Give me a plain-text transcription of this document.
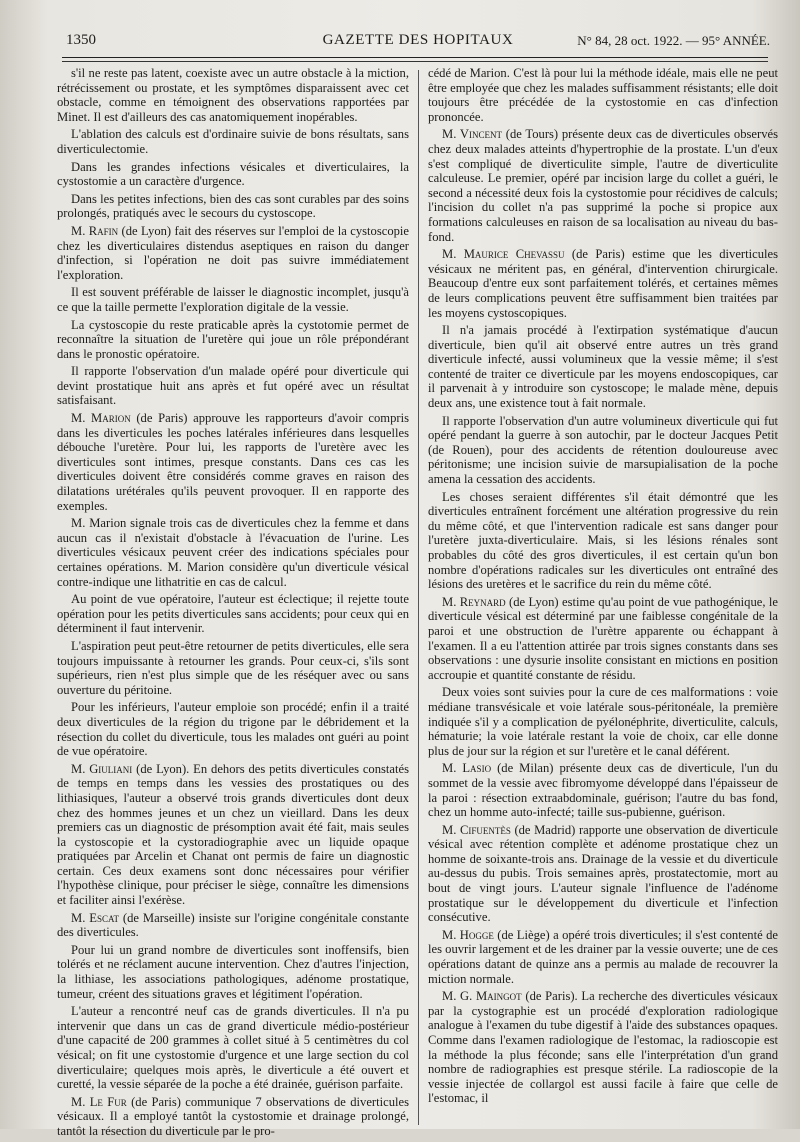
1350	GAZETTE DES HOPITAUX	N° 84, 28 oct. 1922. — 95° ANNÉE.

s'il ne reste pas latent, coexiste avec un autre obstacle à la miction, rétrécissement ou prostate, et les symptômes disparaissent avec cet obstacle, comme en témoignent des observations rapportées par Minet. Il est d'ailleurs des cas anatomiquement inopérables.

L'ablation des calculs est d'ordinaire suivie de bons résultats, sans diverticulectomie.

Dans les grandes infections vésicales et diverticulaires, la cystostomie a un caractère d'urgence.

Dans les petites infections, bien des cas sont curables par des soins prolongés, pratiqués avec le secours du cystoscope.

M. Rafin (de Lyon) fait des réserves sur l'emploi de la cystoscopie chez les diverticulaires distendus aseptiques en raison du danger d'infection, si l'opération ne doit pas suivre immédiatement l'exploration.

Il est souvent préférable de laisser le diagnostic incomplet, jusqu'à ce que la taille permette l'exploration digitale de la vessie.

La cystoscopie du reste praticable après la cystotomie permet de reconnaître la situation de l'uretère qui joue un rôle prépondérant dans le pronostic opératoire.

Il rapporte l'observation d'un malade opéré pour diverticule qui devint prostatique huit ans après et fut opéré avec un résultat satisfaisant.

M. Marion (de Paris) approuve les rapporteurs d'avoir compris dans les diverticules les poches latérales inférieures dans lesquelles débouche l'uretère. Pour lui, les rapports de l'uretère avec les diverticules sont intimes, presque constants. Dans ces cas les diverticules doivent être considérés comme graves en raison des dilatations urétérales qu'ils peuvent provoquer. Il en rapporte des exemples.

M. Marion signale trois cas de diverticules chez la femme et dans aucun cas il n'existait d'obstacle à l'évacuation de l'urine. Les diverticules vésicaux peuvent créer des indications spéciales pour certaines opérations. M. Marion considère qu'un diverticule vésical contre-indique une lithatritie en cas de calcul.

Au point de vue opératoire, l'auteur est éclectique; il rejette toute opération pour les petits diverticules sans accidents; pour ceux qui en déterminent il faut intervenir.

L'aspiration peut peut-être retourner de petits diverticules, elle sera toujours impuissante à retourner les grands. Pour ceux-ci, s'ils sont supérieurs, rien n'est plus simple que de les réséquer avec ou sans ouverture du péritoine.

Pour les inférieurs, l'auteur emploie son procédé; enfin il a traité deux diverticules de la région du trigone par le débridement et la résection du collet du diverticule, tous les malades ont guéri au point de vue opératoire.

M. Giuliani (de Lyon). En dehors des petits diverticules constatés de temps en temps dans les vessies des prostatiques ou des lithiasiques, l'auteur a observé trois grands diverticules dont deux chez des hommes jeunes et un chez un vieillard. Dans les deux premiers cas un diagnostic de présomption avait été fait, mais seules la cystoscopie et la cystoradiographie avec un liquide opaque pratiquées par Arcelin et Chanat ont permis de faire un diagnostic certain. Ces deux examens sont donc nécessaires pour vérifier l'hypothèse clinique, pour préciser le siège, connaître les dimensions et faciliter ainsi l'exérèse.

M. Escat (de Marseille) insiste sur l'origine congénitale constante des diverticules.

Pour lui un grand nombre de diverticules sont inoffensifs, bien tolérés et ne réclament aucune intervention. Chez d'autres l'injection, la lithiase, les associations pathologiques, adénome prostatique, tumeur, créent des situations graves et légitiment l'opération.

L'auteur a rencontré neuf cas de grands diverticules. Il n'a pu intervenir que dans un cas de grand diverticule médio-postérieur d'une capacité de 200 grammes à collet situé à 5 centimètres du col vésical; on fit une cystostomie d'urgence et une large section du col diverticulaire; quelques mois après, le diverticule a été ouvert et curetté, la vessie séparée de la poche a été drainée, guérison parfaite.

M. Le Fur (de Paris) communique 7 observations de diverticules vésicaux. Il a employé tantôt la cystostomie et drainage prolongé, tantôt la résection du diverticule par le pro-

cédé de Marion. C'est là pour lui la méthode idéale, mais elle ne peut être employée que chez les malades suffisamment résistants; elle doit toujours être précédée de la cystostomie en cas d'infection prononcée.

M. Vincent (de Tours) présente deux cas de diverticules observés chez deux malades atteints d'hypertrophie de la prostate. L'un d'eux s'est compliqué de diverticulite simple, l'autre de diverticulite calculeuse. Le premier, opéré par incision large du collet a guéri, le second a nécessité deux fois la cystostomie pour récidives de calculs; l'incision du collet n'a pas supprimé la poche si propice aux formations calculeuses en raison de sa localisation au niveau du bas-fond.

M. Maurice Chevassu (de Paris) estime que les diverticules vésicaux ne méritent pas, en général, d'intervention chirurgicale. Beaucoup d'entre eux sont parfaitement tolérés, et certaines mêmes de leurs complications peuvent être suffisamment bien traitées par les moyens cystoscopiques.

Il n'a jamais procédé à l'extirpation systématique d'aucun diverticule, bien qu'il ait observé entre autres un très grand diverticule infecté, aussi volumineux que la vessie même; il s'est contenté de traiter ce diverticule par les moyens endoscopiques, car il parvenait à y introduire son cystoscope; le malade mène, depuis deux ans, une existence tout à fait normale.

Il rapporte l'observation d'un autre volumineux diverticule qui fut opéré pendant la guerre à son autochir, par le docteur Jacques Petit (de Rouen), pour des accidents de rétention douloureuse avec péritonisme; une incision suivie de marsupialisation de la poche amena la cessation des accidents.

Les choses seraient différentes s'il était démontré que les diverticules entraînent forcément une altération progressive du rein du même côté, et que l'intervention radicale est sans danger pour l'uretère juxta-diverticulaire. Mais, si les lésions rénales sont probables du côté des gros diverticules, il est certain qu'un bon nombre d'opérations radicales sur les diverticules ont entraîné des lésions des uretères et le sacrifice du rein du même côté.

M. Reynard (de Lyon) estime qu'au point de vue pathogénique, le diverticule vésical est déterminé par une faiblesse congénitale de la paroi et une obstruction de l'urètre apparente ou échappant à l'examen. Il a eu l'attention attirée par trois signes constants dans ses observations : une dysurie insolite consistant en mictions en position accroupie et quantité constante de résidu.

Deux voies sont suivies pour la cure de ces malformations : voie médiane transvésicale et voie latérale sous-péritonéale, la première indiquée s'il y a complication de pyélonéphrite, diverticulite, calculs, hématurie; la voie latérale restant la voie de choix, car elle donne plus de jour sur la région et sur l'uretère et le canal déférent.

M. Lasio (de Milan) présente deux cas de diverticule, l'un du sommet de la vessie avec fibromyome développé dans l'épaisseur de la paroi : résection extraabdominale, guérison; l'autre du bas fond, chez un homme auto-infecté; taille sus-pubienne, guérison.

M. Cifuentès (de Madrid) rapporte une observation de diverticule vésical avec rétention complète et adénome prostatique chez un homme de soixante-trois ans. Drainage de la vessie et du diverticule au-dessus du pubis. Trois semaines après, prostatectomie, mort au bout de vingt jours. L'auteur signale l'influence de l'adénome prostatique sur le développement du diverticule et l'infection consécutive.

M. Hogge (de Liège) a opéré trois diverticules; il s'est contenté de les ouvrir largement et de les drainer par la vessie ouverte; une de ces opérations datant de quinze ans a permis au malade de recouvrer la miction normale.

M. G. Maingot (de Paris). La recherche des diverticules vésicaux par la cystographie est un procédé d'exploration radiologique analogue à l'examen du tube digestif à l'aide des substances opaques. Comme dans l'examen radiologique de l'estomac, la radioscopie est la méthode la plus féconde; sans elle l'interprétation d'un grand nombre de radiographies est presque stérile. La radioscopie de la vessie injectée de collargol est aussi facile à faire que celle de l'estomac, il
